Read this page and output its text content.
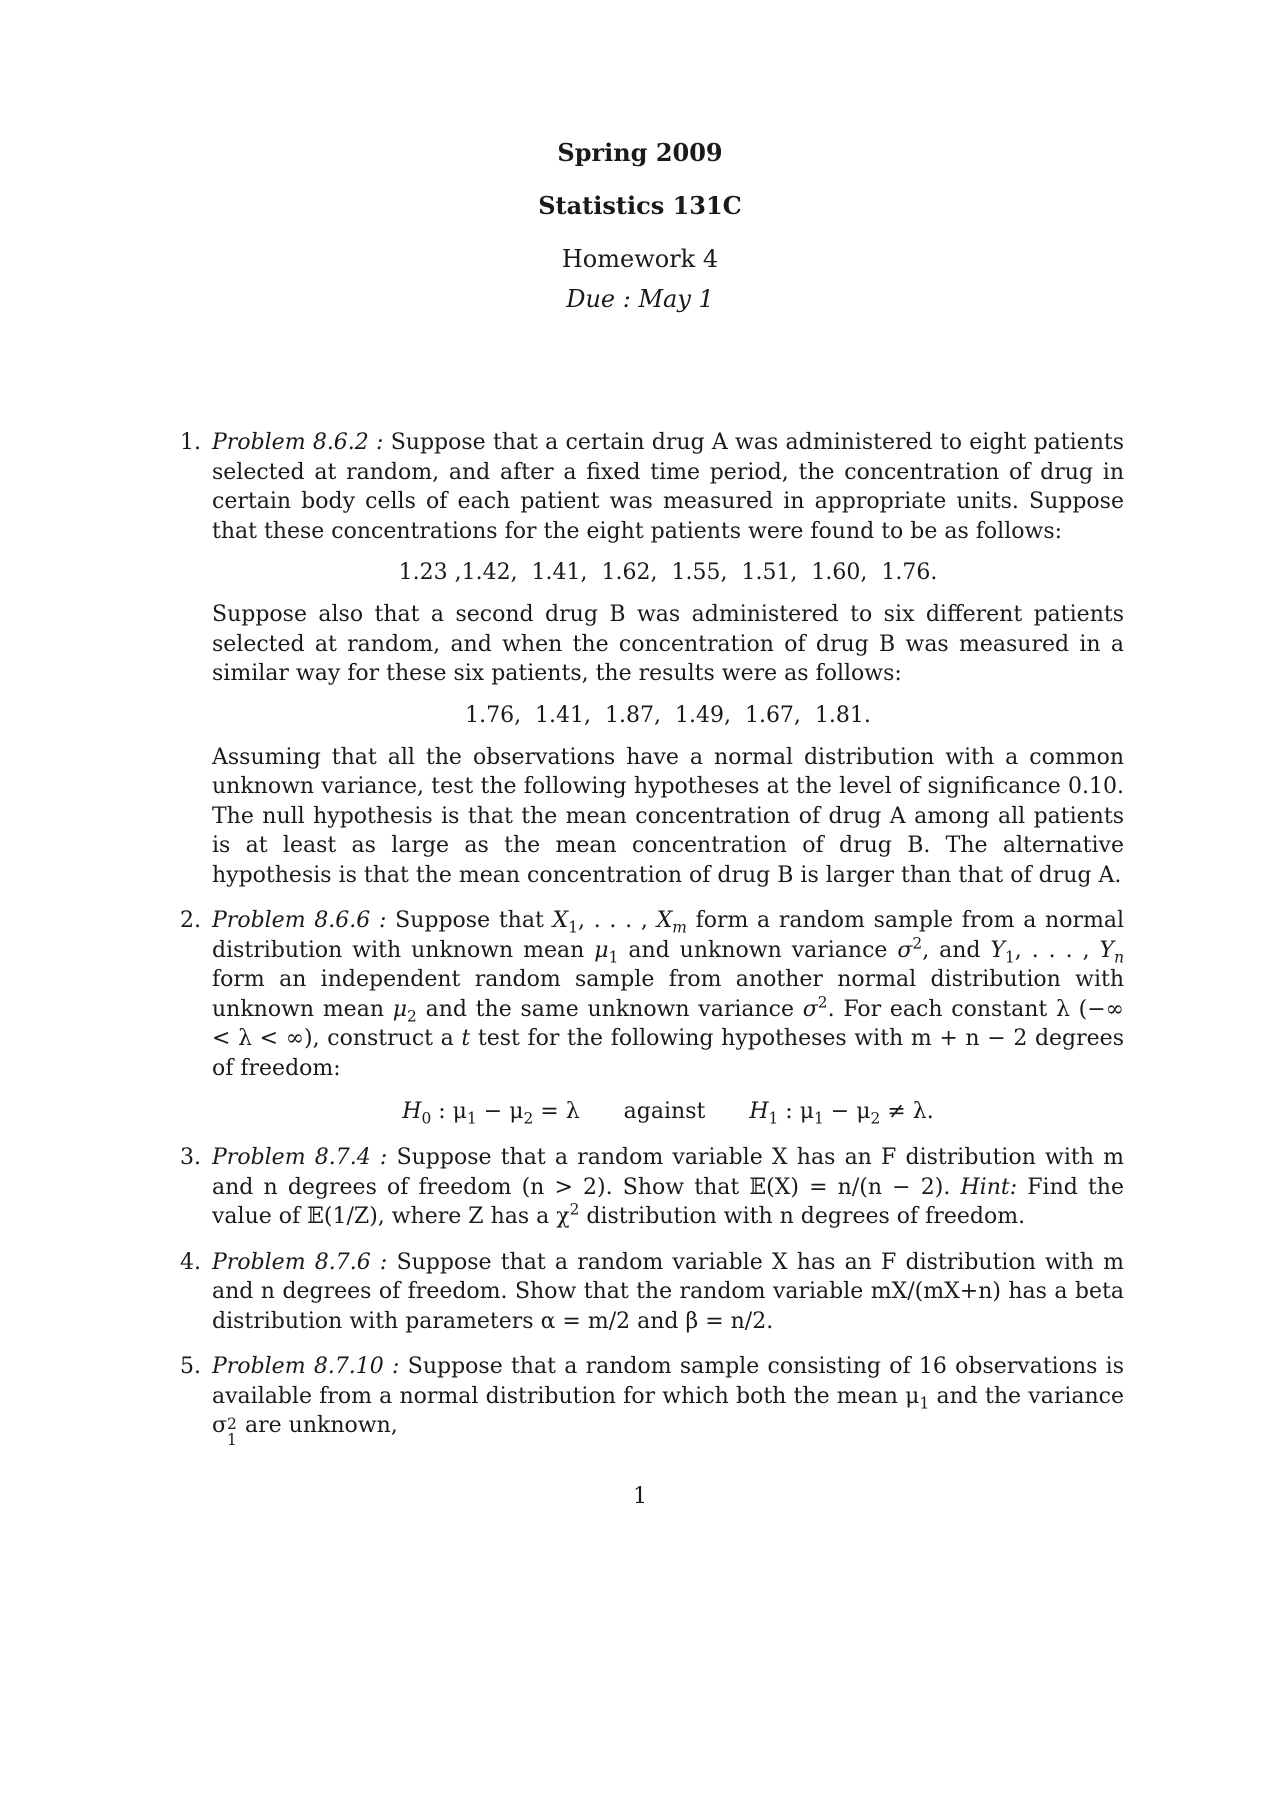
Spring 2009
Statistics 131C
Homework 4
Due : May 1
1. Problem 8.6.2 : Suppose that a certain drug A was administered to eight patients selected at random, and after a fixed time period, the concentration of drug in certain body cells of each patient was measured in appropriate units. Suppose that these concentrations for the eight patients were found to be as follows:

1.23 ,1.42,  1.41,  1.62,  1.55,  1.51,  1.60,  1.76.

Suppose also that a second drug B was administered to six different patients selected at random, and when the concentration of drug B was measured in a similar way for these six patients, the results were as follows:

1.76,  1.41,  1.87,  1.49,  1.67,  1.81.

Assuming that all the observations have a normal distribution with a common unknown variance, test the following hypotheses at the level of significance 0.10. The null hypothesis is that the mean concentration of drug A among all patients is at least as large as the mean concentration of drug B. The alternative hypothesis is that the mean concentration of drug B is larger than that of drug A.

2. Problem 8.6.6 : Suppose that $X_1$, . . . , $X_m$ form a random sample from a normal distribution with unknown mean $\mu_1$ and unknown variance $\sigma^2$, and $Y_1$, . . . , $Y_n$ form an independent random sample from another normal distribution with unknown mean $\mu_2$ and the same unknown variance $\sigma^2$. For each constant λ (−∞ < λ < ∞), construct a t test for the following hypotheses with m + n − 2 degrees of freedom:

$H_0$ : $\mu_1 - \mu_2 = \lambda$ against $H_1$ : $\mu_1 - \mu_2 \ne \lambda$.
3. Problem 8.7.4 : Suppose that a random variable X has an F distribution with m and n degrees of freedom (n > 2). Show that 𝔼(X) = n/(n − 2). Hint: Find the value of 𝔼(1/Z), where Z has a $\chi^2$ distribution with n degrees of freedom.

4. Problem 8.7.6 : Suppose that a random variable X has an F distribution with m and n degrees of freedom. Show that the random variable mX/(mX+n) has a beta distribution with parameters α = m/2 and β = n/2.

5. Problem 8.7.10 : Suppose that a random sample consisting of 16 observations is available from a normal distribution for which both the mean $\mu_1$ and the variance σ 2
1
are unknown,

1
